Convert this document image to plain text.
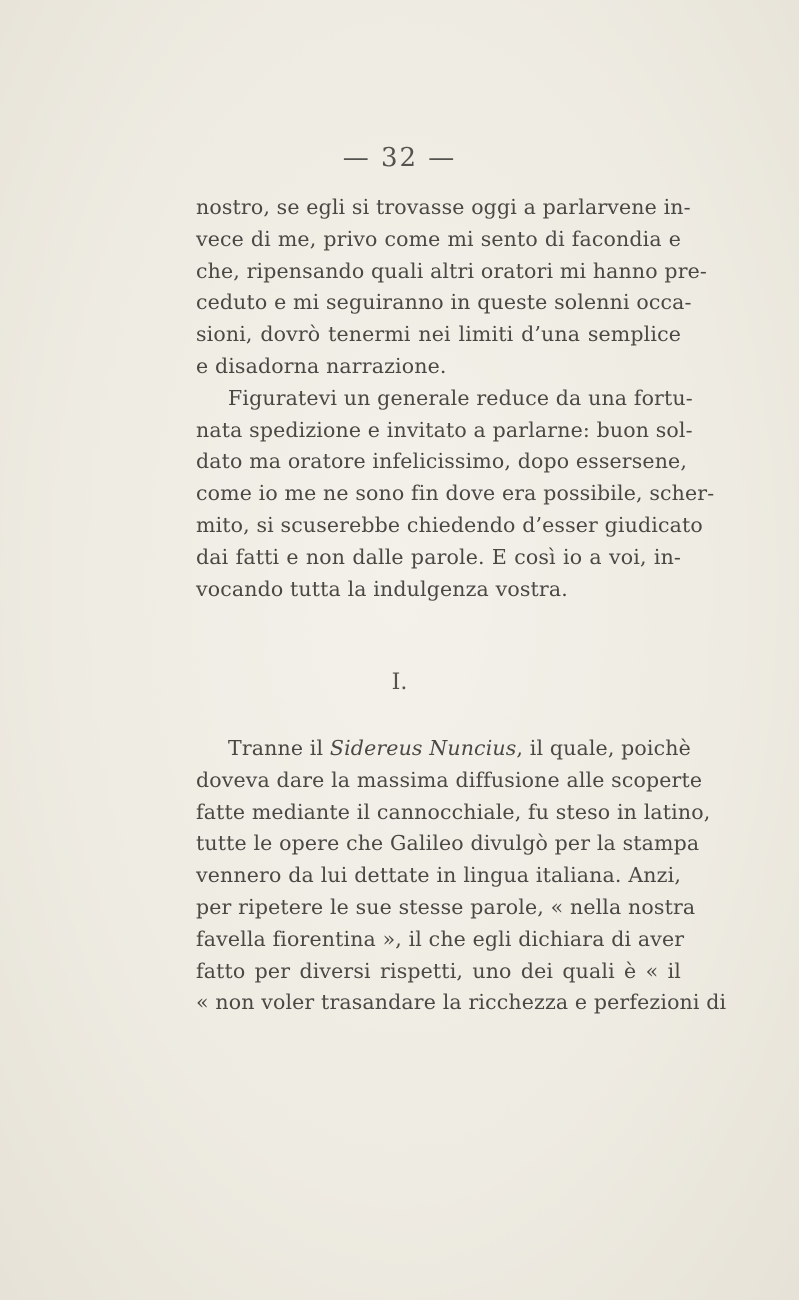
— 32 —
nostro, se egli si trovasse oggi a parlarvene in-
vece di me, privo come mi sento di facondia e
che, ripensando quali altri oratori mi hanno pre-
ceduto e mi seguiranno in queste solenni occa-
sioni, dovrò tenermi nei limiti d’una semplice
e disadorna narrazione.
Figuratevi un generale reduce da una fortu-
nata spedizione e invitato a parlarne: buon sol-
dato ma oratore infelicissimo, dopo essersene,
come io me ne sono fin dove era possibile, scher-
mito, si scuserebbe chiedendo d’esser giudicato
dai fatti e non dalle parole. E così io a voi, in-
vocando tutta la indulgenza vostra.
I.
Tranne il Sidereus Nuncius, il quale, poichè
doveva dare la massima diffusione alle scoperte
fatte mediante il cannocchiale, fu steso in latino,
tutte le opere che Galileo divulgò per la stampa
vennero da lui dettate in lingua italiana. Anzi,
per ripetere le sue stesse parole, « nella nostra
favella fiorentina », il che egli dichiara di aver
fatto per diversi rispetti, uno dei quali è « il
« non voler trasandare la ricchezza e perfezioni di
